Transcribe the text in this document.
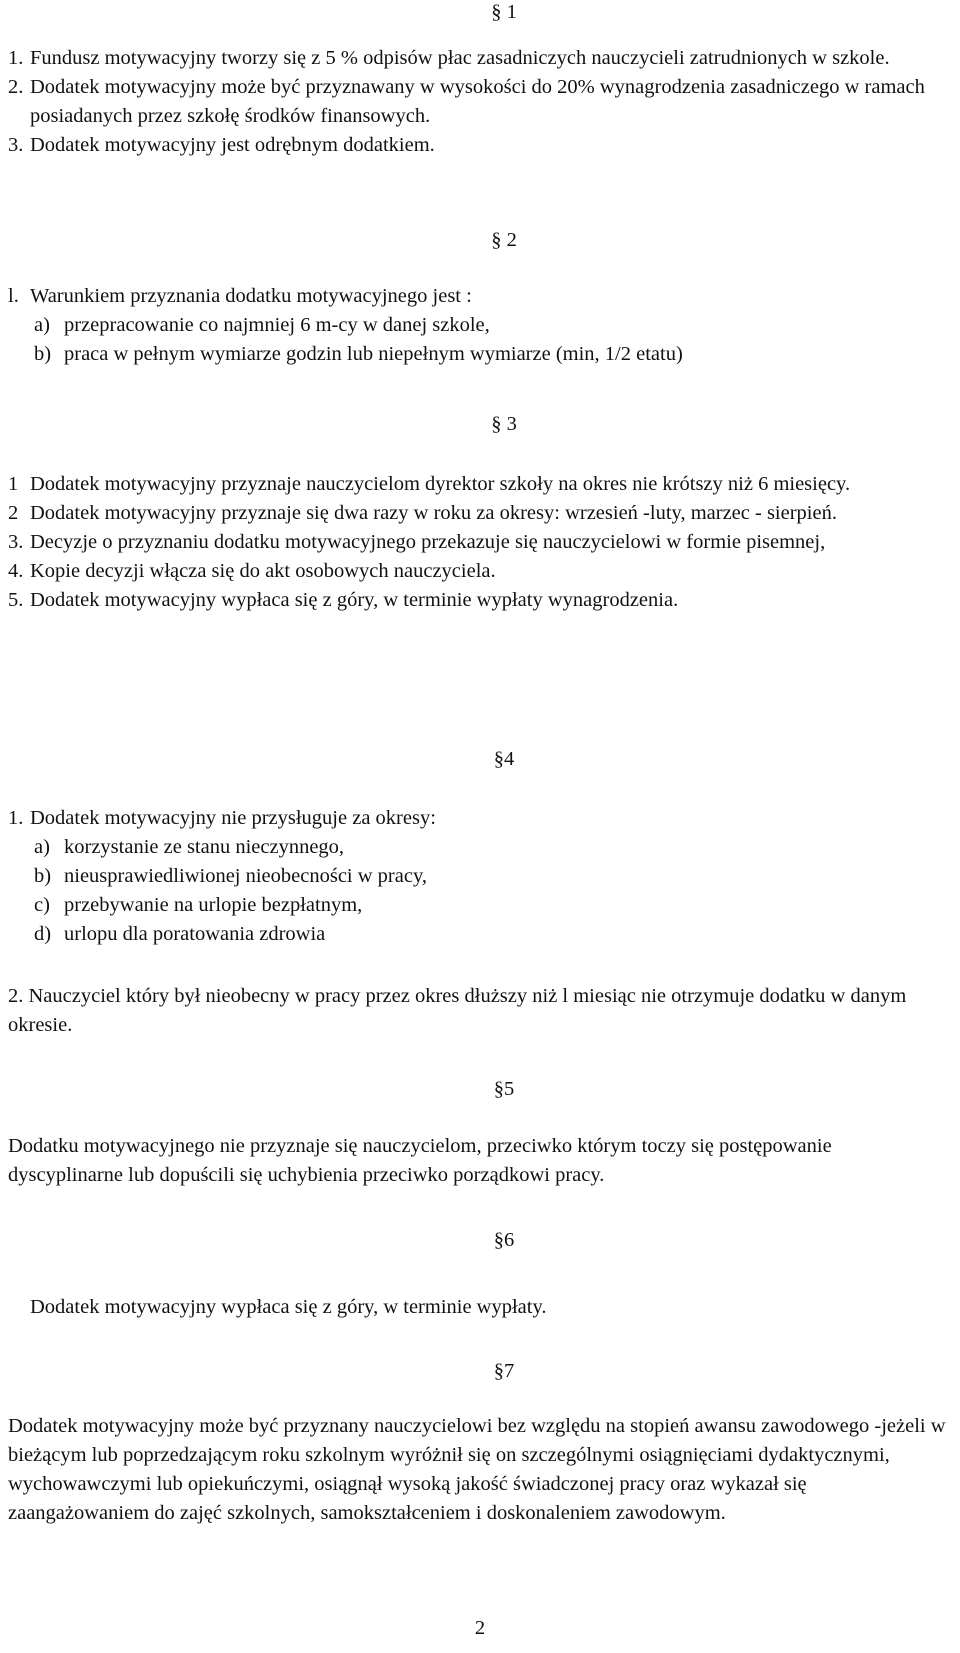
§ 1
1. Fundusz motywacyjny tworzy się z 5 % odpisów płac zasadniczych nauczycieli zatrudnionych w szkole.
2. Dodatek motywacyjny może być przyznawany w wysokości do 20% wynagrodzenia zasadniczego w ramach posiadanych przez szkołę środków finansowych.
3. Dodatek motywacyjny jest odrębnym dodatkiem.
§ 2
l. Warunkiem przyznania dodatku motywacyjnego jest :
a) przepracowanie co najmniej 6 m-cy w danej szkole,
b) praca w pełnym wymiarze godzin lub niepełnym wymiarze (min, 1/2 etatu)
§ 3
1 Dodatek motywacyjny przyznaje nauczycielom dyrektor szkoły na okres nie krótszy niż 6 miesięcy.
2 Dodatek motywacyjny przyznaje się dwa razy w roku za okresy: wrzesień -luty, marzec - sierpień.
3. Decyzje o przyznaniu dodatku motywacyjnego przekazuje się nauczycielowi w formie pisemnej,
4. Kopie decyzji włącza się do akt osobowych nauczyciela.
5. Dodatek motywacyjny wypłaca się z góry, w terminie wypłaty wynagrodzenia.
§4
1. Dodatek motywacyjny nie przysługuje za okresy:
a) korzystanie ze stanu nieczynnego,
b) nieusprawiedliwionej nieobecności w pracy,
c) przebywanie na urlopie bezpłatnym,
d) urlopu dla poratowania zdrowia
2. Nauczyciel który był nieobecny w pracy przez okres dłuższy niż l miesiąc nie otrzymuje dodatku w danym okresie.
§5
Dodatku motywacyjnego nie przyznaje się nauczycielom, przeciwko którym toczy się postępowanie dyscyplinarne lub dopuścili się uchybienia przeciwko porządkowi pracy.
§6
Dodatek motywacyjny wypłaca się z góry, w terminie wypłaty.
§7
Dodatek motywacyjny może być przyznany nauczycielowi bez względu na stopień awansu zawodowego -jeżeli w bieżącym lub poprzedzającym roku szkolnym wyróżnił się on szczególnymi osiągnięciami dydaktycznymi, wychowawczymi lub opiekuńczymi, osiągnął wysoką jakość świadczonej pracy oraz wykazał się zaangażowaniem do zajęć szkolnych, samokształceniem i doskonaleniem zawodowym.
2
